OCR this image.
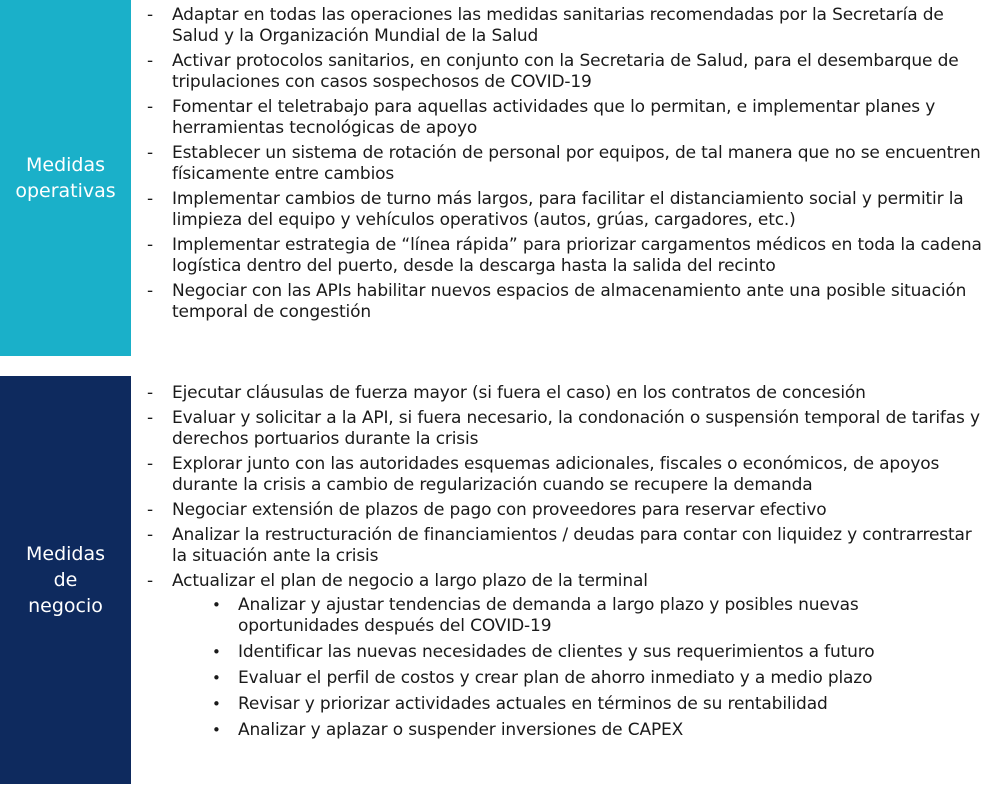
Medidas
operativas
- Adaptar en todas las operaciones las medidas sanitarias recomendadas por la Secretaría de Salud y la Organización Mundial de la Salud
- Activar protocolos sanitarios, en conjunto con la Secretaria de Salud, para el desembarque de tripulaciones con casos sospechosos de COVID-19
- Fomentar el teletrabajo para aquellas actividades que lo permitan, e implementar planes y herramientas tecnológicas de apoyo
- Establecer un sistema de rotación de personal por equipos, de tal manera que no se encuentren físicamente entre cambios
- Implementar cambios de turno más largos, para facilitar el distanciamiento social y permitir la limpieza del equipo y vehículos operativos (autos, grúas, cargadores, etc.)
- Implementar estrategia de “línea rápida” para priorizar cargamentos médicos en toda la cadena logística dentro del puerto, desde la descarga hasta la salida del recinto
- Negociar con las APIs habilitar nuevos espacios de almacenamiento ante una posible situación temporal de congestión
Medidas
de
negocio
- Ejecutar cláusulas de fuerza mayor (si fuera el caso) en los contratos de concesión
- Evaluar y solicitar a la API, si fuera necesario, la condonación o suspensión temporal de tarifas y derechos portuarios durante la crisis
- Explorar junto con las autoridades esquemas adicionales, fiscales o económicos, de apoyos durante la crisis a cambio de regularización cuando se recupere la demanda
- Negociar extensión de plazos de pago con proveedores para reservar efectivo
- Analizar la restructuración de financiamientos / deudas para contar con liquidez y contrarrestar la situación ante la crisis
- Actualizar el plan de negocio a largo plazo de la terminal
• Analizar y ajustar tendencias de demanda a largo plazo y posibles nuevas oportunidades después del COVID-19
• Identificar las nuevas necesidades de clientes y sus requerimientos a futuro
• Evaluar el perfil de costos y crear plan de ahorro inmediato y a medio plazo
• Revisar y priorizar actividades actuales en términos de su rentabilidad
• Analizar y aplazar o suspender inversiones de CAPEX
